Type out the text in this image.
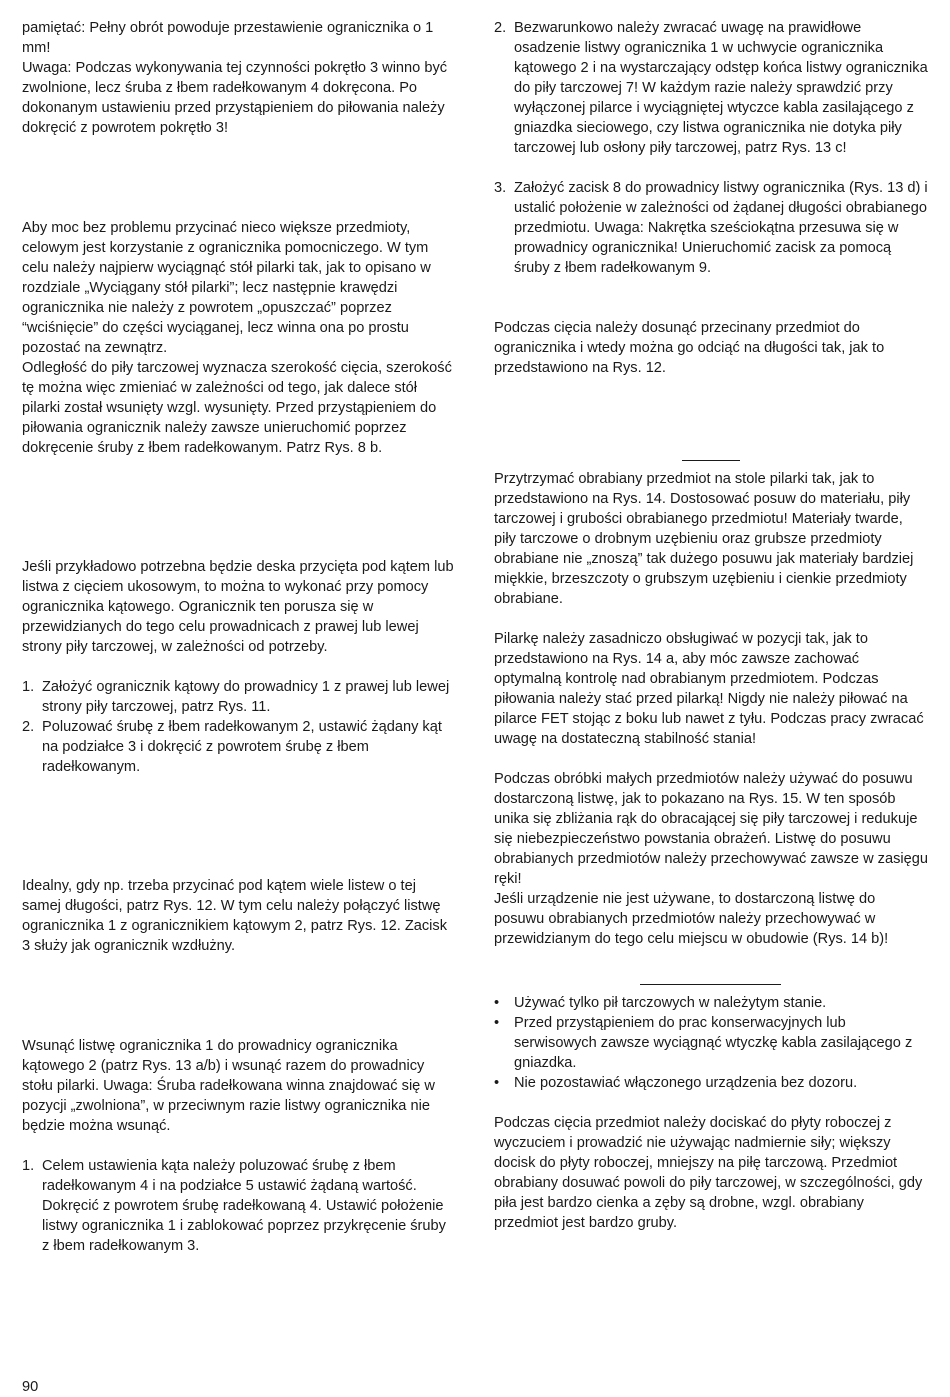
pamiętać: Pełny obrót powoduje przestawienie ogranicznika o 1 mm!

Uwaga: Podczas wykonywania tej czynności pokrętło 3 winno być zwolnione, lecz śruba z łbem radełkowanym 4 dokręcona. Po dokonanym ustawieniu przed przystąpieniem do piłowania należy dokręcić z powrotem pokrętło 3!

Aby moc bez problemu przycinać nieco większe przedmioty, celowym jest korzystanie z ogranicznika pomocniczego. W tym celu należy najpierw wyciągnąć stół pilarki tak, jak to opisano w rozdziale „Wyciągany stół pilarki”; lecz następnie krawędzi ogranicznika nie należy z powrotem „opuszczać” poprzez “wciśnięcie” do części wyciąganej, lecz winna ona po prostu pozostać na zewnątrz.

Odległość do piły tarczowej wyznacza szerokość cięcia, szerokość tę można więc zmieniać w zależności od tego, jak dalece stół pilarki został wsunięty wzgl. wysunięty. Przed przystąpieniem do piłowania ogranicznik należy zawsze unieruchomić poprzez dokręcenie śruby z łbem radełkowanym. Patrz Rys. 8 b.

Jeśli przykładowo potrzebna będzie deska przycięta pod kątem lub listwa z cięciem ukosowym, to można to wykonać przy pomocy ogranicznika kątowego. Ogranicznik ten porusza się w przewidzianych do tego celu prowadnicach z prawej lub lewej strony piły tarczowej, w zależności od potrzeby.

1. Założyć ogranicznik kątowy do prowadnicy 1 z prawej lub lewej strony piły tarczowej, patrz Rys. 11.
2. Poluzować śrubę z łbem radełkowanym 2, ustawić żądany kąt na podziałce 3 i dokręcić z powrotem śrubę z łbem radełkowanym.

Idealny, gdy np. trzeba przycinać pod kątem wiele listew o tej samej długości, patrz Rys. 12. W tym celu należy połączyć listwę ogranicznika 1 z ogranicznikiem kątowym 2, patrz Rys. 12. Zacisk 3 służy jak ogranicznik wzdłużny.

Wsunąć listwę ogranicznika 1 do prowadnicy ogranicznika kątowego 2 (patrz Rys. 13 a/b) i wsunąć razem do prowadnicy stołu pilarki. Uwaga: Śruba radełkowana winna znajdować się w pozycji „zwolniona”, w przeciwnym razie listwy ogranicznika nie będzie można wsunąć.

1. Celem ustawienia kąta należy poluzować śrubę z łbem radełkowanym 4 i na podziałce 5 ustawić żądaną wartość. Dokręcić z powrotem śrubę radełkowaną 4. Ustawić położenie listwy ogranicznika 1 i zablokować poprzez przykręcenie śruby z łbem radełkowanym 3.
2. Bezwarunkowo należy zwracać uwagę na prawidłowe osadzenie listwy ogranicznika 1 w uchwycie ogranicznika kątowego 2 i na wystarczający odstęp końca listwy ogranicznika do piły tarczowej 7! W każdym razie należy sprawdzić przy wyłączonej pilarce i wyciągniętej wtyczce kabla zasilającego z gniazdka sieciowego, czy listwa ogranicznika nie dotyka piły tarczowej lub osłony piły tarczowej, patrz Rys. 13 c!
3. Założyć zacisk 8 do prowadnicy listwy ogranicznika (Rys. 13 d) i ustalić położenie w zależności od żądanej długości obrabianego przedmiotu. Uwaga: Nakrętka sześciokątna przesuwa się w prowadnicy ogranicznika! Unieruchomić zacisk za pomocą śruby z łbem radełkowanym 9.

Podczas cięcia należy dosunąć przecinany przedmiot do ogranicznika i wtedy można go odciąć na długości tak, jak to przedstawiono na Rys. 12.

Przytrzymać obrabiany przedmiot na stole pilarki tak, jak to przedstawiono na Rys. 14. Dostosować posuw do materiału, piły tarczowej i grubości obrabianego przedmiotu! Materiały twarde, piły tarczowe o drobnym uzębieniu oraz grubsze przedmioty obrabiane nie „znoszą” tak dużego posuwu jak materiały bardziej miękkie, brzeszczoty o grubszym uzębieniu i cienkie przedmioty obrabiane.

Pilarkę należy zasadniczo obsługiwać w pozycji tak, jak to przedstawiono na Rys. 14 a, aby móc zawsze zachować optymalną kontrolę nad obrabianym przedmiotem. Podczas piłowania należy stać przed pilarką! Nigdy nie należy piłować na pilarce FET stojąc z boku lub nawet z tyłu. Podczas pracy zwracać uwagę na dostateczną stabilność stania!

Podczas obróbki małych przedmiotów należy używać do posuwu dostarczoną listwę, jak to pokazano na Rys. 15. W ten sposób unika się zbliżania rąk do obracającej się piły tarczowej i redukuje się niebezpieczeństwo powstania obrażeń. Listwę do posuwu obrabianych przedmiotów należy przechowywać zawsze w zasięgu ręki!

Jeśli urządzenie nie jest używane, to dostarczoną listwę do posuwu obrabianych przedmiotów należy przechowywać w przewidzianym do tego celu miejscu w obudowie (Rys. 14 b)!

• Używać tylko pił tarczowych w należytym stanie.
• Przed przystąpieniem do prac konserwacyjnych lub serwisowych zawsze wyciągnąć wtyczkę kabla zasilającego z gniazdka.
• Nie pozostawiać włączonego urządzenia bez dozoru.

Podczas cięcia przedmiot należy dociskać do płyty roboczej z wyczuciem i prowadzić nie używając nadmiernie siły; większy docisk do płyty roboczej, mniejszy na piłę tarczową. Przedmiot obrabiany dosuwać powoli do piły tarczowej, w szczególności, gdy piła jest bardzo cienka a zęby są drobne, wzgl. obrabiany przedmiot jest bardzo gruby.

90
